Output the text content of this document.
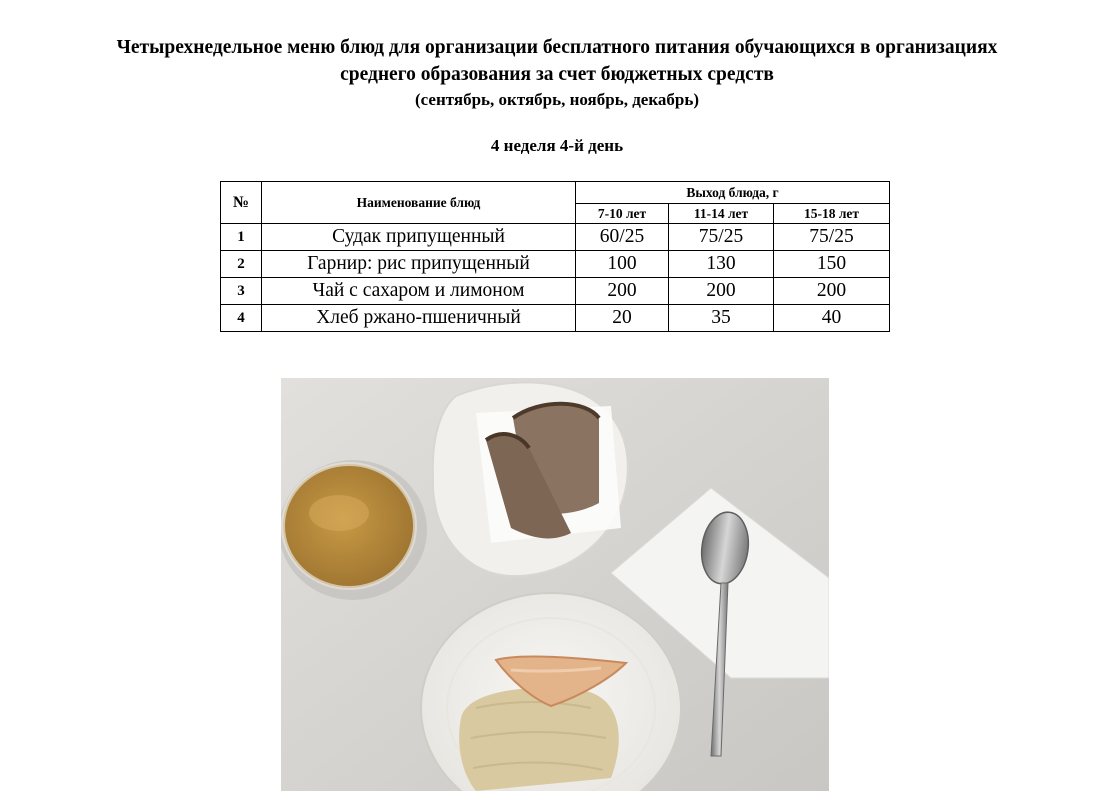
Четырехнедельное меню блюд для организации бесплатного питания обучающихся в организациях
среднего образования за счет бюджетных средств
(сентябрь, октябрь, ноябрь, декабрь)
4 неделя 4-й день
№	Наименование блюд	Выход блюда, г		
		7-10 лет	11-14 лет	15-18 лет
1	Судак припущенный	60/25	75/25	75/25
2	Гарнир: рис припущенный	100	130	150
3	Чай с сахаром и лимоном	200	200	200
4	Хлеб ржано-пшеничный	20	35	40
